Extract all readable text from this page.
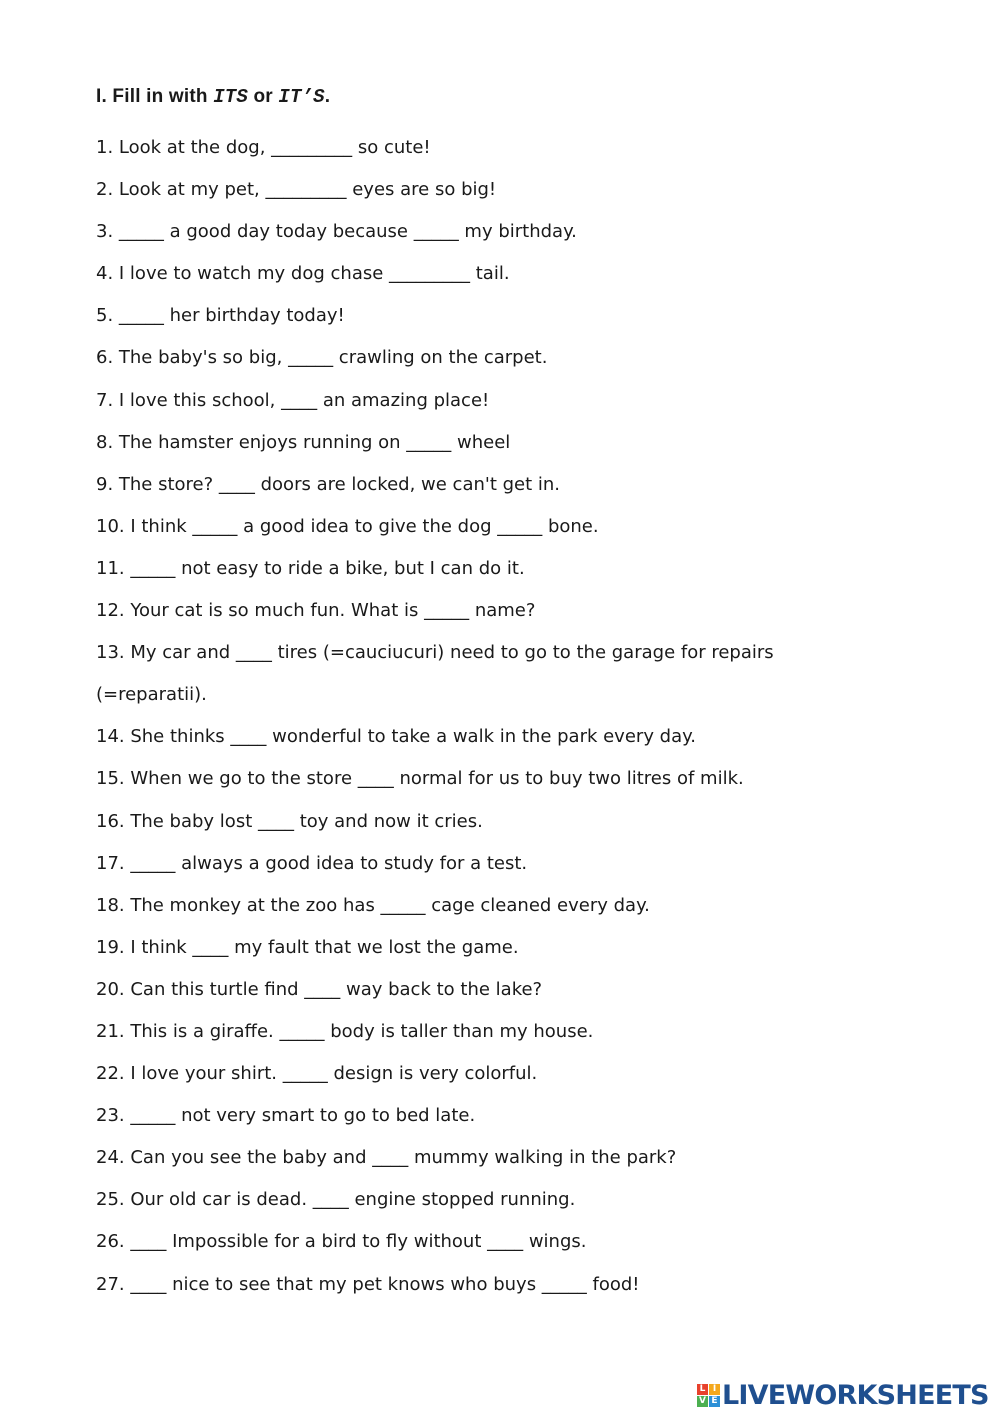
I. Fill in with ITS or IT’S.
1. Look at the dog, _________ so cute!
2. Look at my pet, _________ eyes are so big!
3. _____ a good day today because _____ my birthday.
4. I love to watch my dog chase _________ tail.
5. _____ her birthday today!
6. The baby's so big, _____ crawling on the carpet.
7. I love this school, ____ an amazing place!
8. The hamster enjoys running on _____ wheel
9. The store? ____ doors are locked, we can't get in.
10. I think _____ a good idea to give the dog _____ bone.
11. _____ not easy to ride a bike, but I can do it.
12. Your cat is so much fun. What is _____ name?
13. My car and ____ tires (=cauciucuri) need to go to the garage for repairs
(=reparatii).
14. She thinks ____ wonderful to take a walk in the park every day.
15. When we go to the store ____ normal for us to buy two litres of milk.
16. The baby lost ____ toy and now it cries.
17. _____ always a good idea to study for a test.
18. The monkey at the zoo has _____ cage cleaned every day.
19. I think ____ my fault that we lost the game.
20. Can this turtle find ____ way back to the lake?
21. This is a giraffe. _____ body is taller than my house.
22. I love your shirt. _____ design is very colorful.
23. _____ not very smart to go to bed late.
24. Can you see the baby and ____ mummy walking in the park?
25. Our old car is dead. ____ engine stopped running.
26. ____ Impossible for a bird to fly without ____ wings.
27. ____ nice to see that my pet knows who buys _____ food!
L I
V E LIVEWORKSHEETS
